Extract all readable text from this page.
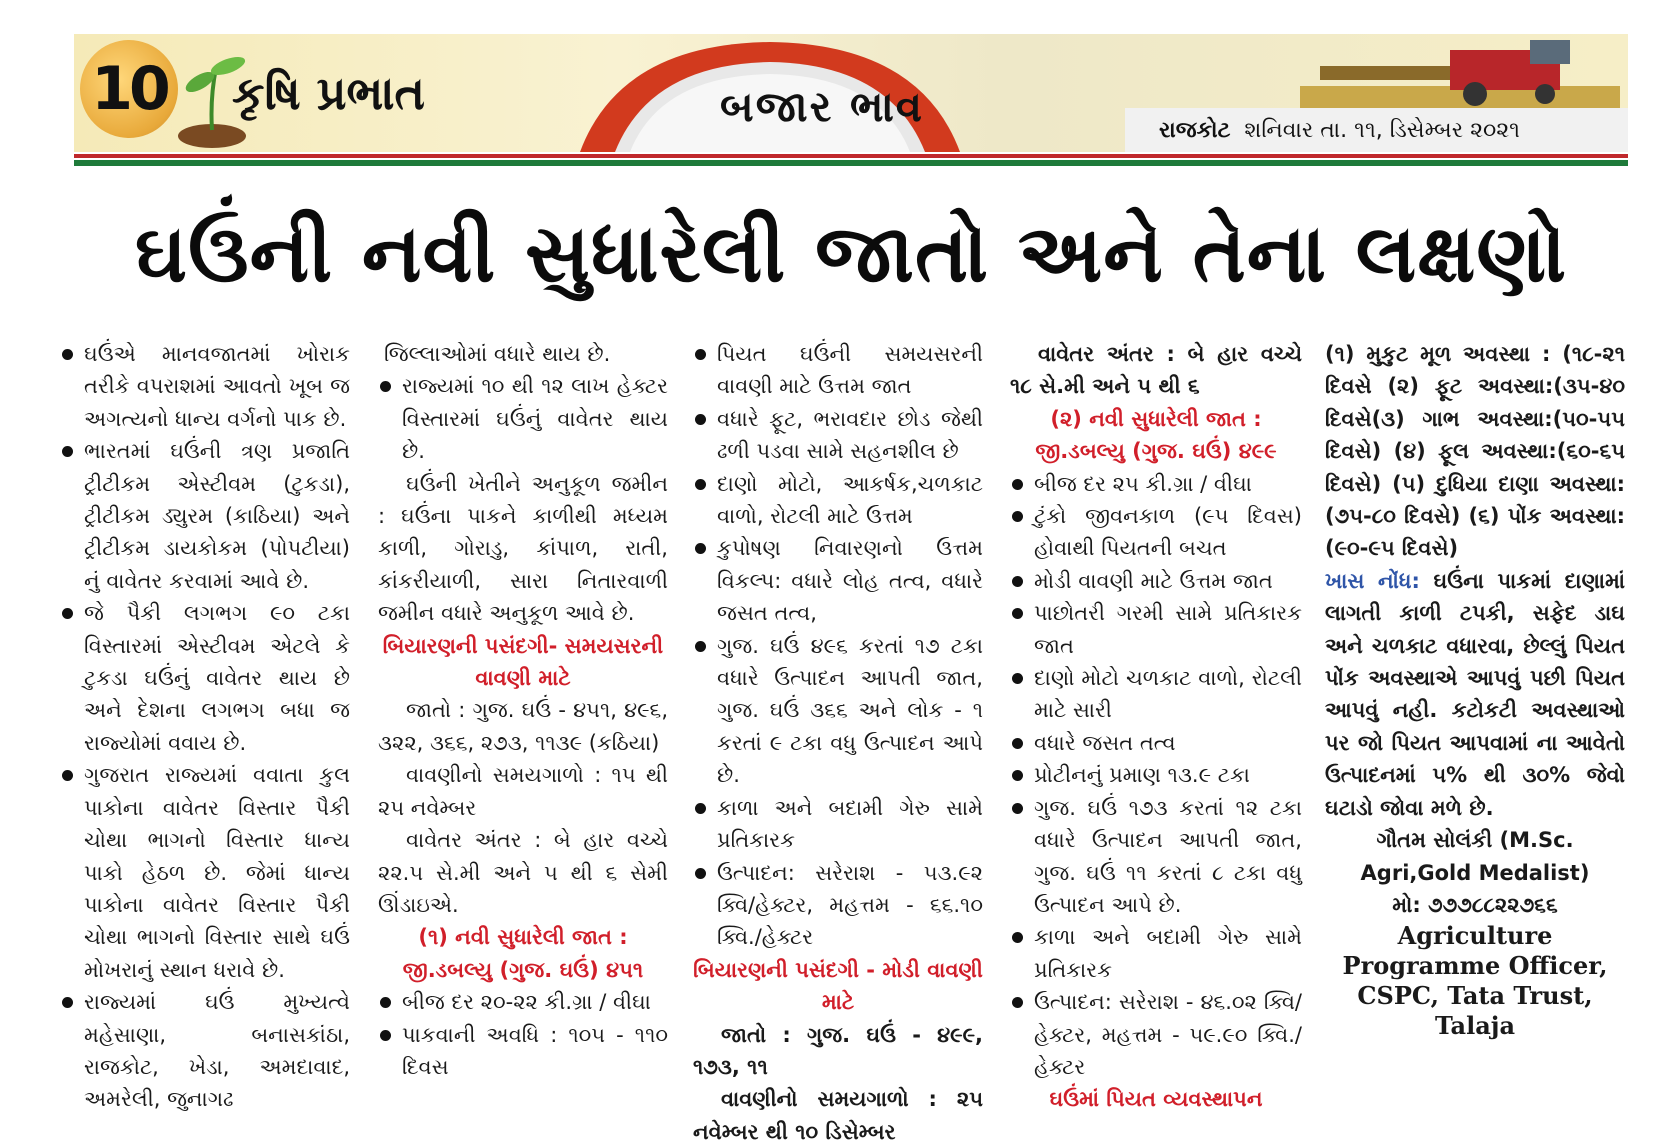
10 કૃષિ પ્રભાત	બજાર ભાવ	રાજકોટ શનિવાર તા. ૧૧, ડિસેમ્બર ૨૦૨૧
ઘઉંની નવી સુધારેલી જાતો અને તેના લક્ષણો

ઘઉંએ માનવજાતમાં ખોરાક તરીકે વપરાશમાં આવતો ખૂબ જ અગત્યનો ધાન્ય વર્ગનો પાક છે.

ભારતમાં ઘઉંની ત્રણ પ્રજાતિ ટ્રીટીકમ એસ્ટીવમ (ટુકડા), ટ્રીટીકમ ડ્યુરમ (કાઠિયા) અને ટ્રીટીકમ ડાયકોકમ (પોપટીયા) નું વાવેતર કરવામાં આવે છે.

જે પૈકી લગભગ ૯૦ ટકા વિસ્તારમાં એસ્ટીવમ એટલે કે ટુકડા ઘઉંનું વાવેતર થાય છે અને દેશના લગભગ બધા જ રાજ્યોમાં વવાય છે.

ગુજરાત રાજ્યમાં વવાતા કુલ પાકોના વાવેતર વિસ્તાર પૈકી ચોથા ભાગનો વિસ્તાર ધાન્ય પાકો હેઠળ છે. જેમાં ધાન્ય પાકોના વાવેતર વિસ્તાર પૈકી ચોથા ભાગનો વિસ્તાર સાથે ઘઉં મોખરાનું સ્થાન ધરાવે છે.

રાજ્યમાં ઘઉં મુખ્યત્વે મહેસાણા, બનાસકાંઠા, રાજકોટ, ખેડા, અમદાવાદ, અમરેલી, જુનાગઢ

જિલ્લાઓમાં વધારે થાય છે.

રાજ્યમાં ૧૦ થી ૧૨ લાખ હેક્ટર વિસ્તારમાં ઘઉંનું વાવેતર થાય છે.

ઘઉંની ખેતીને અનુકૂળ જમીન : ઘઉંના પાકને કાળીથી મધ્યમ કાળી, ગોરાડુ, કાંપાળ, રાતી, કાંકરીયાળી, સારા નિતારવાળી જમીન વધારે અનુકૂળ આવે છે.

બિયારણની પસંદગી- સમયસરની વાવણી માટે

જાતો : ગુજ. ઘઉં - ૪૫૧, ૪૯૬, ૩૨૨, ૩૬૬, ૨૭૩, ૧૧૩૯ (કઠિયા)

વાવણીનો સમયગાળો : ૧૫ થી ૨૫ નવેમ્બર

વાવેતર અંતર : બે હાર વચ્ચે ૨૨.૫ સે.મી અને ૫ થી ૬ સેમી ઊંડાઇએ.

(૧) નવી સુધારેલી જાત : જી.ડબલ્યુ (ગુજ. ઘઉં) ૪૫૧

બીજ દર ૨૦-૨૨ કી.ગ્રા / વીઘા

પાકવાની અવધિ : ૧૦૫ - ૧૧૦ દિવસ

પિયત ઘઉંની સમયસરની વાવણી માટે ઉત્તમ જાત

વધારે ફૂટ, ભરાવદાર છોડ જેથી ઢળી પડવા સામે સહનશીલ છે

દાણો મોટો, આકર્ષક,ચળકાટ વાળો, રોટલી માટે ઉત્તમ

કુપોષણ નિવારણનો ઉત્તમ વિકલ્પ: વધારે લોહ તત્વ, વધારે જસત તત્વ,

ગુજ. ઘઉં ૪૯૬ કરતાં ૧૭ ટકા વધારે ઉત્પાદન આપતી જાત, ગુજ. ઘઉં ૩૬૬ અને લોક - ૧ કરતાં ૯ ટકા વધુ ઉત્પાદન આપે છે.

કાળા અને બદામી ગેરુ સામે પ્રતિકારક

ઉત્પાદન: સરેરાશ - ૫૩.૯૨ ક્વિ/હેક્ટર, મહત્તમ - ૬૬.૧૦ ક્વિ./હેક્ટર

બિયારણની પસંદગી - મોડી વાવણી માટે

જાતો : ગુજ. ઘઉં - ૪૯૯, ૧૭૩, ૧૧

વાવણીનો સમયગાળો : ૨૫ નવેમ્બર થી ૧૦ ડિસેમ્બર

વાવેતર અંતર : બે હાર વચ્ચે ૧૮ સે.મી અને ૫ થી ૬

(૨) નવી સુધારેલી જાત : જી.ડબલ્યુ (ગુજ. ઘઉં) ૪૯૯

બીજ દર ૨૫ કી.ગ્રા / વીઘા

ટુંકો જીવનકાળ (૯૫ દિવસ) હોવાથી પિયતની બચત

મોડી વાવણી માટે ઉત્તમ જાત

પાછોતરી ગરમી સામે પ્રતિકારક જાત

દાણો મોટો ચળકાટ વાળો, રોટલી માટે સારી

વધારે જસત તત્વ

પ્રોટીનનું પ્રમાણ ૧૩.૯ ટકા

ગુજ. ઘઉં ૧૭૩ કરતાં ૧૨ ટકા વધારે ઉત્પાદન આપતી જાત, ગુજ. ઘઉં ૧૧ કરતાં ૮ ટકા વધુ ઉત્પાદન આપે છે.

કાળા અને બદામી ગેરુ સામે પ્રતિકારક

ઉત્પાદન: સરેરાશ - ૪૬.૦૨ ક્વિ/હેક્ટર, મહત્તમ - ૫૯.૯૦ ક્વિ./હેક્ટર

ઘઉંમાં પિયત વ્યવસ્થાપન

(૧) મુકુટ મૂળ અવસ્થા : (૧૮-૨૧ દિવસે (૨) ફૂટ અવસ્થા:(૩૫-૪૦ દિવસે(૩) ગાભ અવસ્થા:(૫૦-૫૫ દિવસે) (૪) ફૂલ અવસ્થા:(૬૦-૬૫ દિવસે) (૫) દુધિયા દાણા અવસ્થા: (૭૫-૮૦ દિવસે) (૬) પોંક અવસ્થા:(૯૦-૯૫ દિવસે)

ખાસ નોંધ: ઘઉંના પાકમાં દાણામાં લાગતી કાળી ટપકી, સફેદ ડાઘ અને ચળકાટ વધારવા, છેલ્લું પિયત પોંક અવસ્થાએ આપવું પછી પિયત આપવું નહી. કટોકટી અવસ્થાઓ પર જો પિયત આપવામાં ના આવેતો ઉત્પાદનમાં ૫% થી ૩૦% જેવો ઘટાડો જોવા મળે છે.

ગૌતમ સોલંકી (M.Sc. Agri,Gold Medalist)

મો: ૭૭૭૮૮૨૨૭૬૬

Agriculture Programme Officer, CSPC, Tata Trust, Talaja
